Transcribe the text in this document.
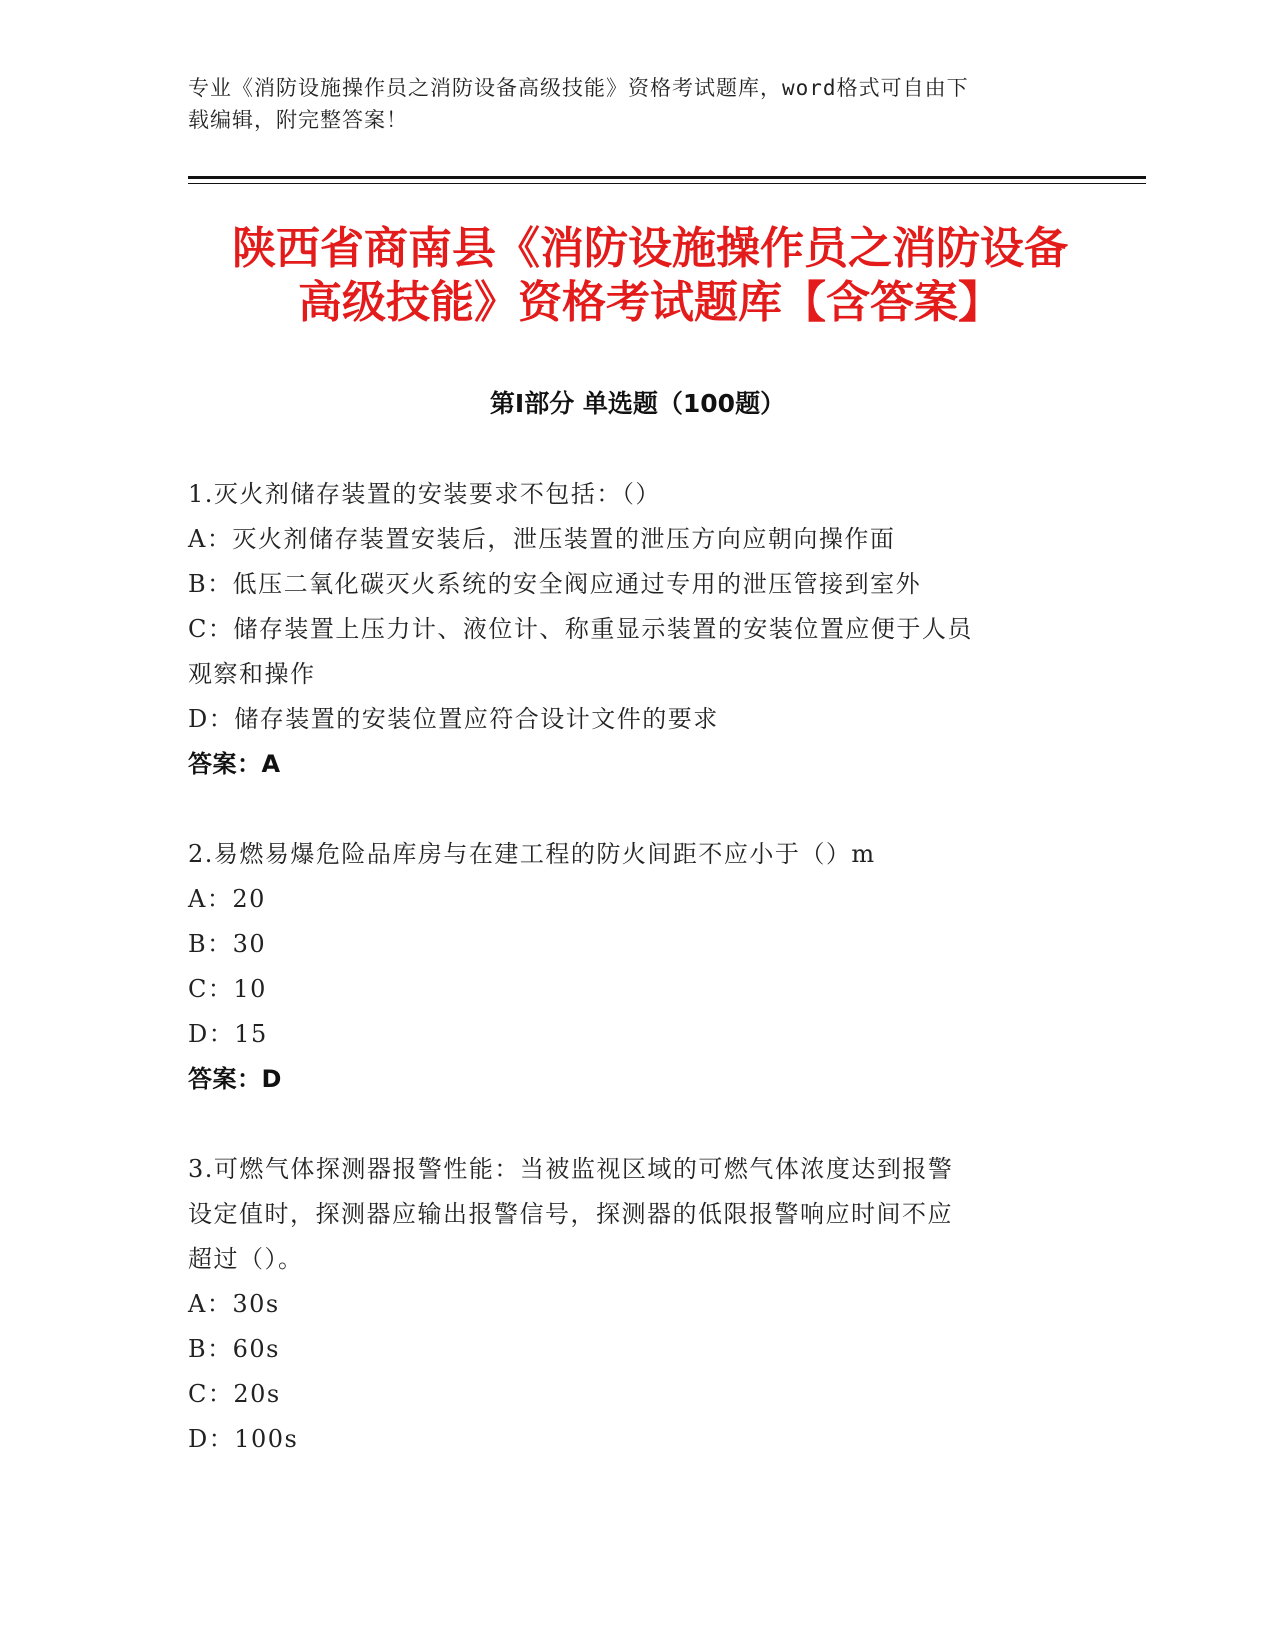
专业《消防设施操作员之消防设备高级技能》资格考试题库，word格式可自由下
载编辑，附完整答案！
陕西省商南县《消防设施操作员之消防设备
高级技能》资格考试题库【含答案】
第Ⅰ部分 单选题（100题）

1.灭火剂储存装置的安装要求不包括：（）

A：灭火剂储存装置安装后，泄压装置的泄压方向应朝向操作面

B：低压二氧化碳灭火系统的安全阀应通过专用的泄压管接到室外

C：储存装置上压力计、液位计、称重显示装置的安装位置应便于人员

观察和操作

D：储存装置的安装位置应符合设计文件的要求

答案：A

2.易燃易爆危险品库房与在建工程的防火间距不应小于（）m

A：20

B：30

C：10

D：15

答案：D

3.可燃气体探测器报警性能：当被监视区域的可燃气体浓度达到报警

设定值时，探测器应输出报警信号，探测器的低限报警响应时间不应

超过（）。

A：30s

B：60s

C：20s

D：100s
